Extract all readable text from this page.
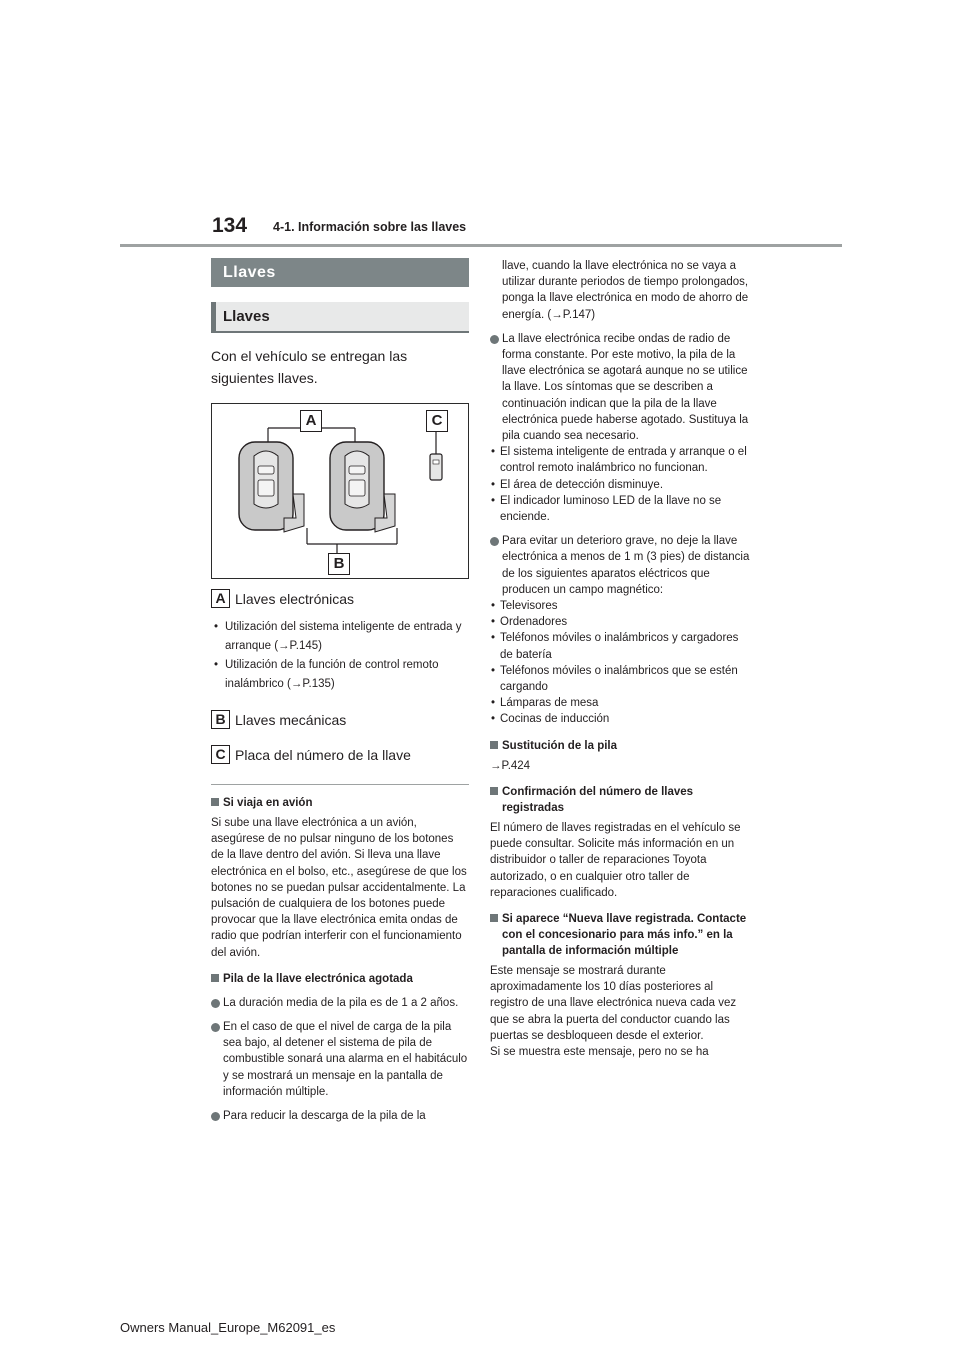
134 4-1. Información sobre las llaves
Llaves
Llaves
Con el vehículo se entregan las siguientes llaves.
A	C
B
A Llaves electrónicas
• Utilización del sistema inteligente de entrada y arranque (→P.145)
• Utilización de la función de control remoto inalámbrico (→P.135)
B Llaves mecánicas
C Placa del número de la llave
Si viaja en avión
Si sube una llave electrónica a un avión, asegúrese de no pulsar ninguno de los botones de la llave dentro del avión. Si lleva una llave electrónica en el bolso, etc., asegúrese de que los botones no se puedan pulsar accidentalmente. La pulsación de cualquiera de los botones puede provocar que la llave electrónica emita ondas de radio que podrían interferir con el funcionamiento del avión.
Pila de la llave electrónica agotada
La duración media de la pila es de 1 a 2 años.
En el caso de que el nivel de carga de la pila sea bajo, al detener el sistema de pila de combustible sonará una alarma en el habitáculo y se mostrará un mensaje en la pantalla de información múltiple.
Para reducir la descarga de la pila de la
llave, cuando la llave electrónica no se vaya a utilizar durante periodos de tiempo prolongados, ponga la llave electrónica en modo de ahorro de energía. (→P.147)
La llave electrónica recibe ondas de radio de forma constante. Por este motivo, la pila de la llave electrónica se agotará aunque no se utilice la llave. Los síntomas que se describen a continuación indican que la pila de la llave electrónica puede haberse agotado. Sustituya la pila cuando sea necesario.
• El sistema inteligente de entrada y arranque o el control remoto inalámbrico no funcionan.
• El área de detección disminuye.
• El indicador luminoso LED de la llave no se enciende.
Para evitar un deterioro grave, no deje la llave electrónica a menos de 1 m (3 pies) de distancia de los siguientes aparatos eléctricos que producen un campo magnético:
• Televisores
• Ordenadores
• Teléfonos móviles o inalámbricos y cargadores de batería
• Teléfonos móviles o inalámbricos que se estén cargando
• Lámparas de mesa
• Cocinas de inducción
Sustitución de la pila
→P.424
Confirmación del número de llaves registradas
El número de llaves registradas en el vehículo se puede consultar. Solicite más información en un distribuidor o taller de reparaciones Toyota autorizado, o en cualquier otro taller de reparaciones cualificado.
Si aparece “Nueva llave registrada. Contacte con el concesionario para más info.” en la pantalla de información múltiple
Este mensaje se mostrará durante aproximadamente los 10 días posteriores al registro de una llave electrónica nueva cada vez que se abra la puerta del conductor cuando las puertas se desbloqueen desde el exterior.
Si se muestra este mensaje, pero no se ha
Owners Manual_Europe_M62091_es
